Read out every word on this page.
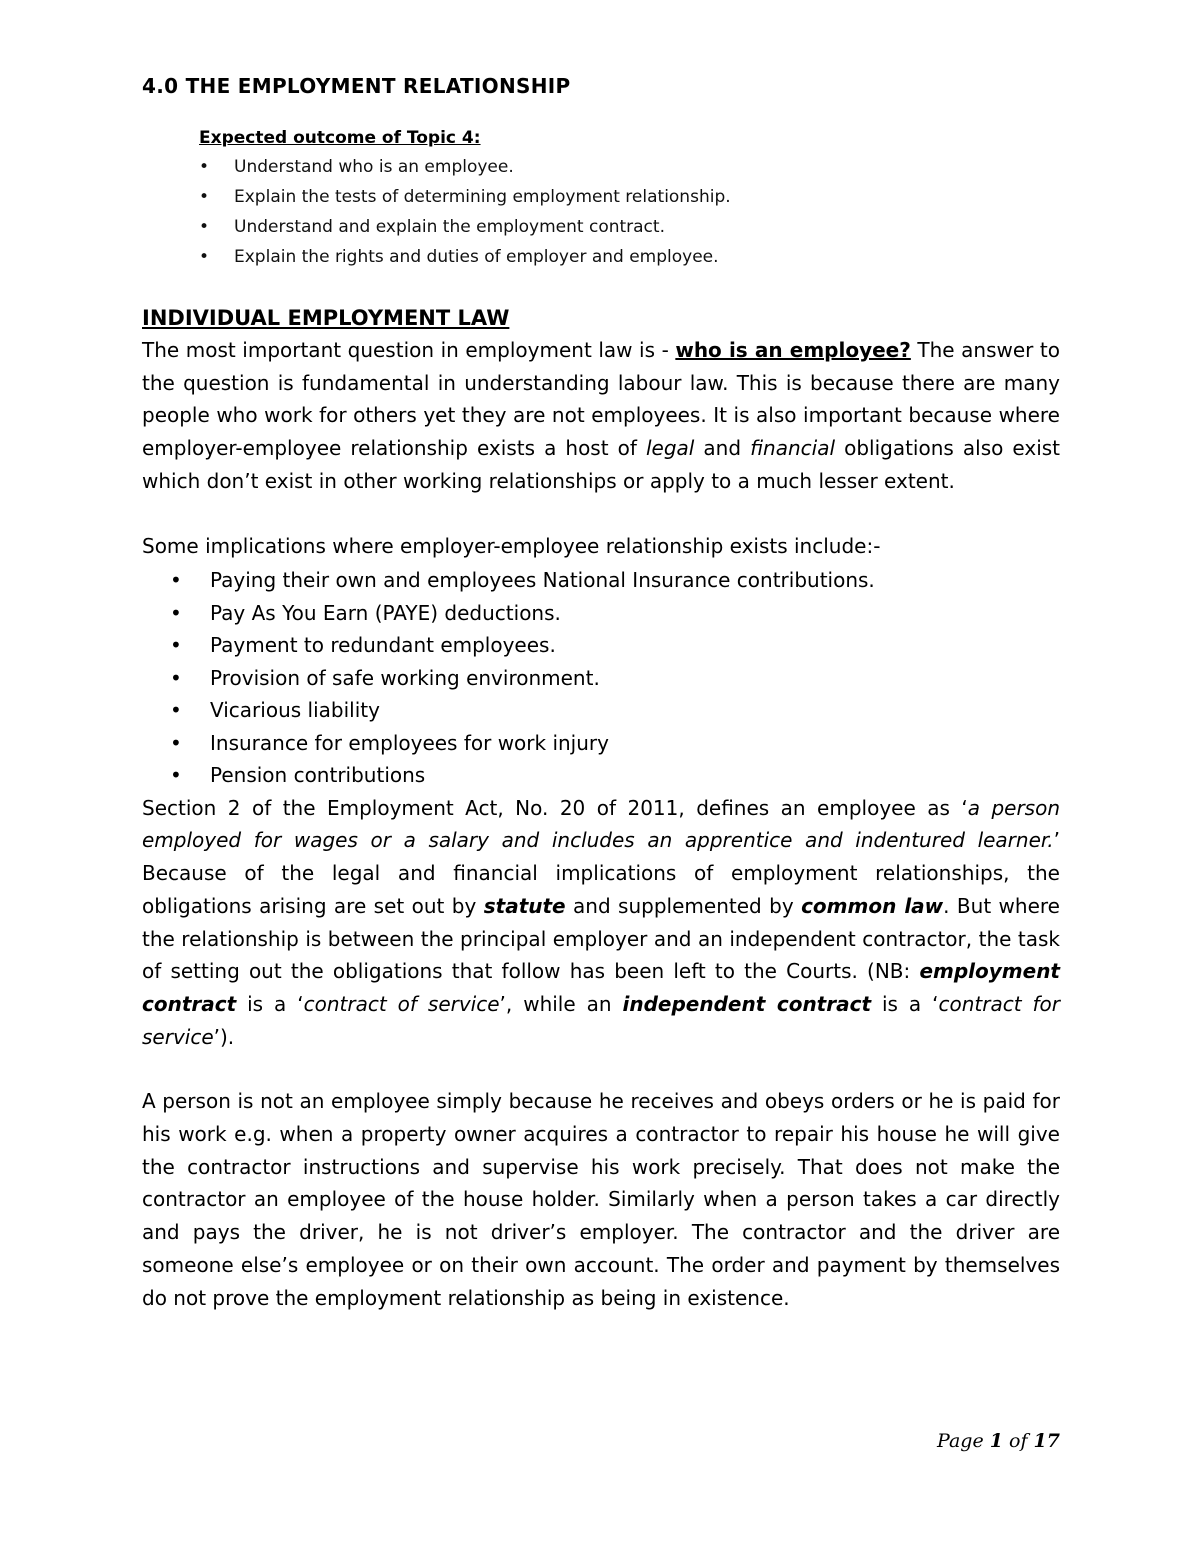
4.0 THE EMPLOYMENT RELATIONSHIP
Expected outcome of Topic 4:
• Understand who is an employee.
• Explain the tests of determining employment relationship.
• Understand and explain the employment contract.
• Explain the rights and duties of employer and employee.
INDIVIDUAL EMPLOYMENT LAW

The most important question in employment law is - who is an employee? The answer to the question is fundamental in understanding labour law. This is because there are many people who work for others yet they are not employees. It is also important because where employer-employee relationship exists a host of legal and financial obligations also exist which don’t exist in other working relationships or apply to a much lesser extent.

Some implications where employer-employee relationship exists include:-

• Paying their own and employees National Insurance contributions.
• Pay As You Earn (PAYE) deductions.
• Payment to redundant employees.
• Provision of safe working environment.
• Vicarious liability
• Insurance for employees for work injury
• Pension contributions

Section 2 of the Employment Act, No. 20 of 2011, defines an employee as ‘a person employed for wages or a salary and includes an apprentice and indentured learner.’ Because of the legal and financial implications of employment relationships, the obligations arising are set out by statute and supplemented by common law. But where the relationship is between the principal employer and an independent contractor, the task of setting out the obligations that follow has been left to the Courts. (NB: employment contract is a ‘contract of service’, while an independent contract is a ‘contract for service’).

A person is not an employee simply because he receives and obeys orders or he is paid for his work e.g. when a property owner acquires a contractor to repair his house he will give the contractor instructions and supervise his work precisely. That does not make the contractor an employee of the house holder. Similarly when a person takes a car directly and pays the driver, he is not driver’s employer. The contractor and the driver are someone else’s employee or on their own account. The order and payment by themselves do not prove the employment relationship as being in existence.

Page 1 of 17
